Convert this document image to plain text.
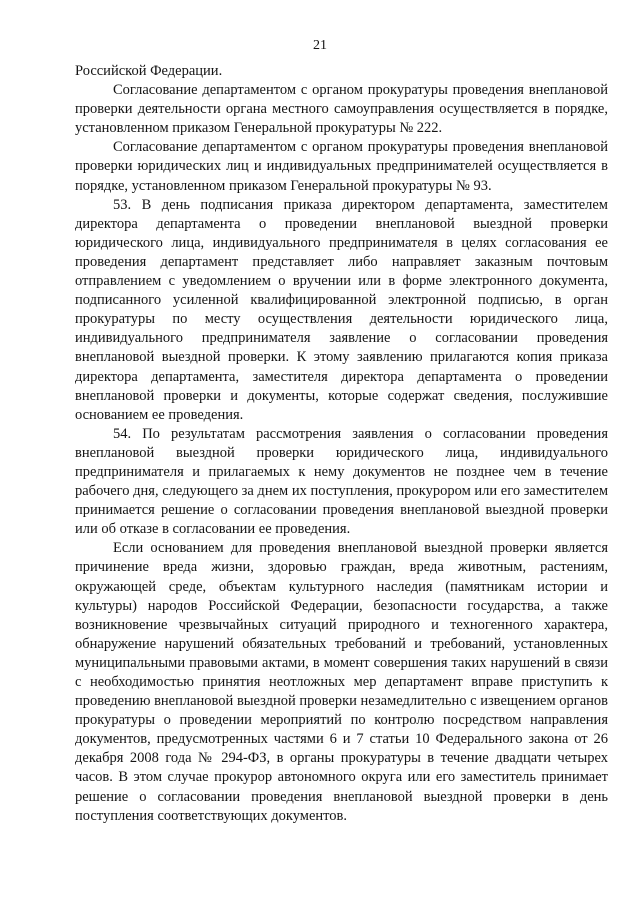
21

Российской Федерации.

Согласование департаментом с органом прокуратуры проведения внеплановой проверки деятельности органа местного самоуправления осуществляется в порядке, установленном приказом Генеральной прокуратуры № 222.

Согласование департаментом с органом прокуратуры проведения внеплановой проверки юридических лиц и индивидуальных предпринимателей осуществляется в порядке, установленном приказом Генеральной прокуратуры № 93.

53. В день подписания приказа директором департамента, заместителем директора департамента о проведении внеплановой выездной проверки юридического лица, индивидуального предпринимателя в целях согласования ее проведения департамент представляет либо направляет заказным почтовым отправлением с уведомлением о вручении или в форме электронного документа, подписанного усиленной квалифицированной электронной подписью, в орган прокуратуры по месту осуществления деятельности юридического лица, индивидуального предпринимателя заявление о согласовании проведения внеплановой выездной проверки. К этому заявлению прилагаются копия приказа директора департамента, заместителя директора департамента о проведении внеплановой проверки и документы, которые содержат сведения, послужившие основанием ее проведения.

54. По результатам рассмотрения заявления о согласовании проведения внеплановой выездной проверки юридического лица, индивидуального предпринимателя и прилагаемых к нему документов не позднее чем в течение рабочего дня, следующего за днем их поступления, прокурором или его заместителем принимается решение о согласовании проведения внеплановой выездной проверки или об отказе в согласовании ее проведения.

Если основанием для проведения внеплановой выездной проверки является причинение вреда жизни, здоровью граждан, вреда животным, растениям, окружающей среде, объектам культурного наследия (памятникам истории и культуры) народов Российской Федерации, безопасности государства, а также возникновение чрезвычайных ситуаций природного и техногенного характера, обнаружение нарушений обязательных требований и требований, установленных муниципальными правовыми актами, в момент совершения таких нарушений в связи с необходимостью принятия неотложных мер департамент вправе приступить к проведению внеплановой выездной проверки незамедлительно с извещением органов прокуратуры о проведении мероприятий по контролю посредством направления документов, предусмотренных частями 6 и 7 статьи 10 Федерального закона от 26 декабря 2008 года № 294-ФЗ, в органы прокуратуры в течение двадцати четырех часов. В этом случае прокурор автономного округа или его заместитель принимает решение о согласовании проведения внеплановой выездной проверки в день поступления соответствующих документов.
